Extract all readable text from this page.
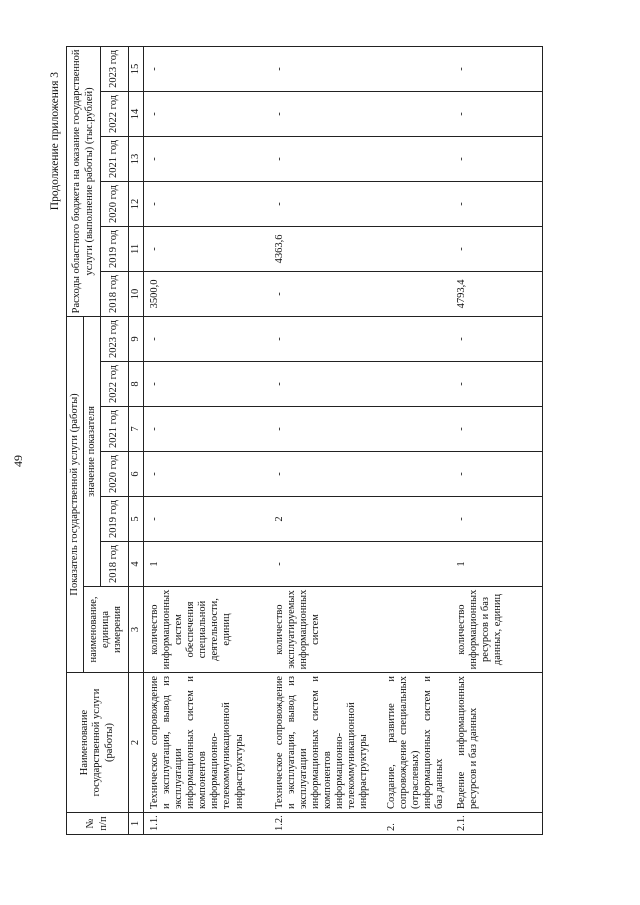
49
Продолжение приложения 3
№ п/п	Наименование государственной услуги (работы)	Показатель государственной услуги (работы)							Расходы областного бюджета на оказание государственной услуги (выполнение работы) (тыс.рублей)					
		наименование, единица измерения	значение показателя											
			2018 год	2019 год	2020 год	2021 год	2022 год	2023 год	2018 год	2019 год	2020 год	2021 год	2022 год	2023 год
1	2	3	4	5	6	7	8	9	10	11	12	13	14	15
1.1.	Техническое сопровождение и эксплуатация, вывод из эксплуатации информационных систем и компонентов информационно-телекоммуникационной инфраструктуры	количество информационных систем обеспечения специальной деятельности, единиц	1	-	-	-	-	-	3500,0	-	-	-	-	-
1.2.	Техническое сопровождение и эксплуатация, вывод из эксплуатации информационных систем и компонентов информационно-телекоммуникационной инфраструктуры	количество эксплуатируемых информационных систем	-	2	-	-	-	-	-	4363,6	-	-	-	-
2.	Создание, развитие и сопровождение специальных (отраслевых) информационных систем и баз данных													
2.1.	Ведение информационных ресурсов и баз данных	количество информационных ресурсов и баз данных, единиц	1	-	-	-	-	-	4793,4	-	-	-	-	-
